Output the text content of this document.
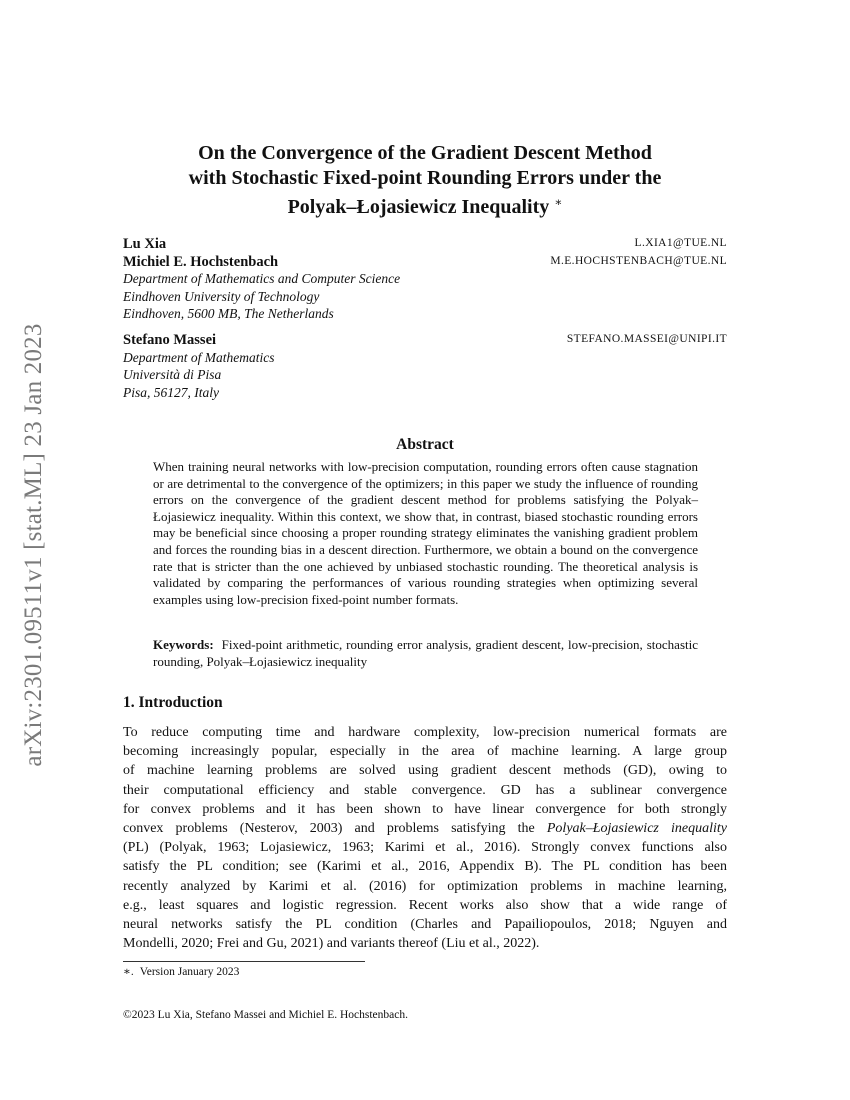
arXiv:2301.09511v1 [stat.ML] 23 Jan 2023
On the Convergence of the Gradient Descent Method
with Stochastic Fixed-point Rounding Errors under the
Polyak–Łojasiewicz Inequality ∗
Lu Xia	L.XIA1@TUE.NL
Michiel E. Hochstenbach	M.E.HOCHSTENBACH@TUE.NL
Department of Mathematics and Computer Science
Eindhoven University of Technology
Eindhoven, 5600 MB, The Netherlands
Stefano Massei	STEFANO.MASSEI@UNIPI.IT
Department of Mathematics
Università di Pisa
Pisa, 56127, Italy
Abstract

When training neural networks with low-precision computation, rounding errors often cause stagnation or are detrimental to the convergence of the optimizers; in this paper we study the influence of rounding errors on the convergence of the gradient descent method for problems satisfying the Polyak–Łojasiewicz inequality. Within this context, we show that, in contrast, biased stochastic rounding errors may be beneficial since choosing a proper rounding strategy eliminates the vanishing gradient problem and forces the rounding bias in a descent direction. Furthermore, we obtain a bound on the convergence rate that is stricter than the one achieved by unbiased stochastic rounding. The theoretical analysis is validated by comparing the performances of various rounding strategies when optimizing several examples using low-precision fixed-point number formats.

Keywords: Fixed-point arithmetic, rounding error analysis, gradient descent, low-precision, stochastic rounding, Polyak–Łojasiewicz inequality

1. Introduction
To reduce computing time and hardware complexity, low-precision numerical formats are
becoming increasingly popular, especially in the area of machine learning. A large group
of machine learning problems are solved using gradient descent methods (GD), owing to
their computational efficiency and stable convergence. GD has a sublinear convergence
for convex problems and it has been shown to have linear convergence for both strongly
convex problems (Nesterov, 2003) and problems satisfying the Polyak–Łojasiewicz inequality
(PL) (Polyak, 1963; Lojasiewicz, 1963; Karimi et al., 2016). Strongly convex functions also
satisfy the PL condition; see (Karimi et al., 2016, Appendix B). The PL condition has been
recently analyzed by Karimi et al. (2016) for optimization problems in machine learning,
e.g., least squares and logistic regression. Recent works also show that a wide range of
neural networks satisfy the PL condition (Charles and Papailiopoulos, 2018; Nguyen and
Mondelli, 2020; Frei and Gu, 2021) and variants thereof (Liu et al., 2022).
∗. Version January 2023
©2023 Lu Xia, Stefano Massei and Michiel E. Hochstenbach.
